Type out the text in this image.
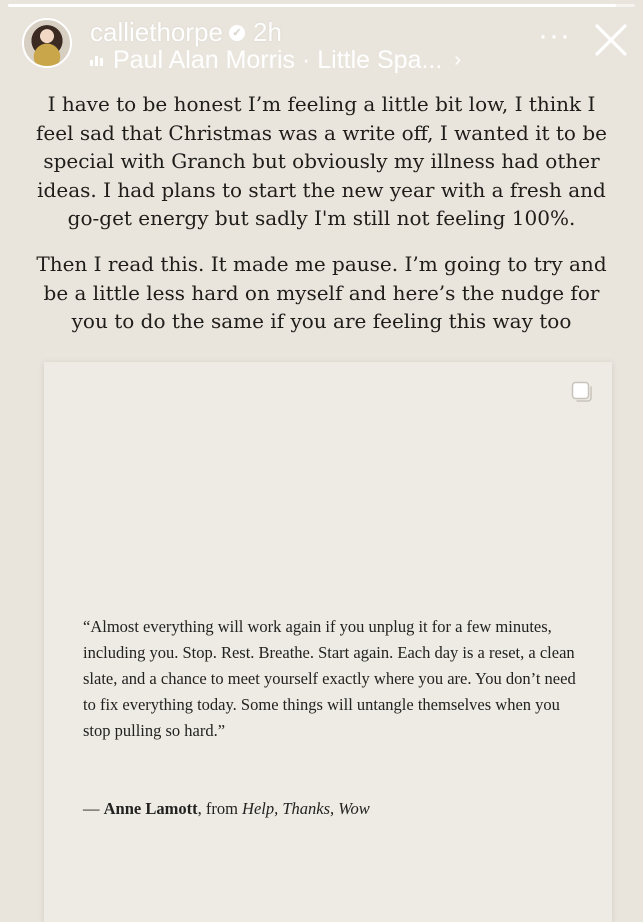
calliethorpe ✓ 2h
Paul Alan Morris · Little Spa... ›
···
I have to be honest I’m feeling a little bit low, I think I feel sad that Christmas was a write off, I wanted it to be special with Granch but obviously my illness had other ideas. I had plans to start the new year with a fresh and go-get energy but sadly I'm still not feeling 100%.
Then I read this. It made me pause. I’m going to try and be a little less hard on myself and here’s the nudge for you to do the same if you are feeling this way too
“Almost everything will work again if you unplug it for a few minutes, including you. Stop. Rest. Breathe. Start again. Each day is a reset, a clean slate, and a chance to meet yourself exactly where you are. You don’t need to fix everything today. Some things will untangle themselves when you stop pulling so hard.”
— Anne Lamott, from Help, Thanks, Wow
